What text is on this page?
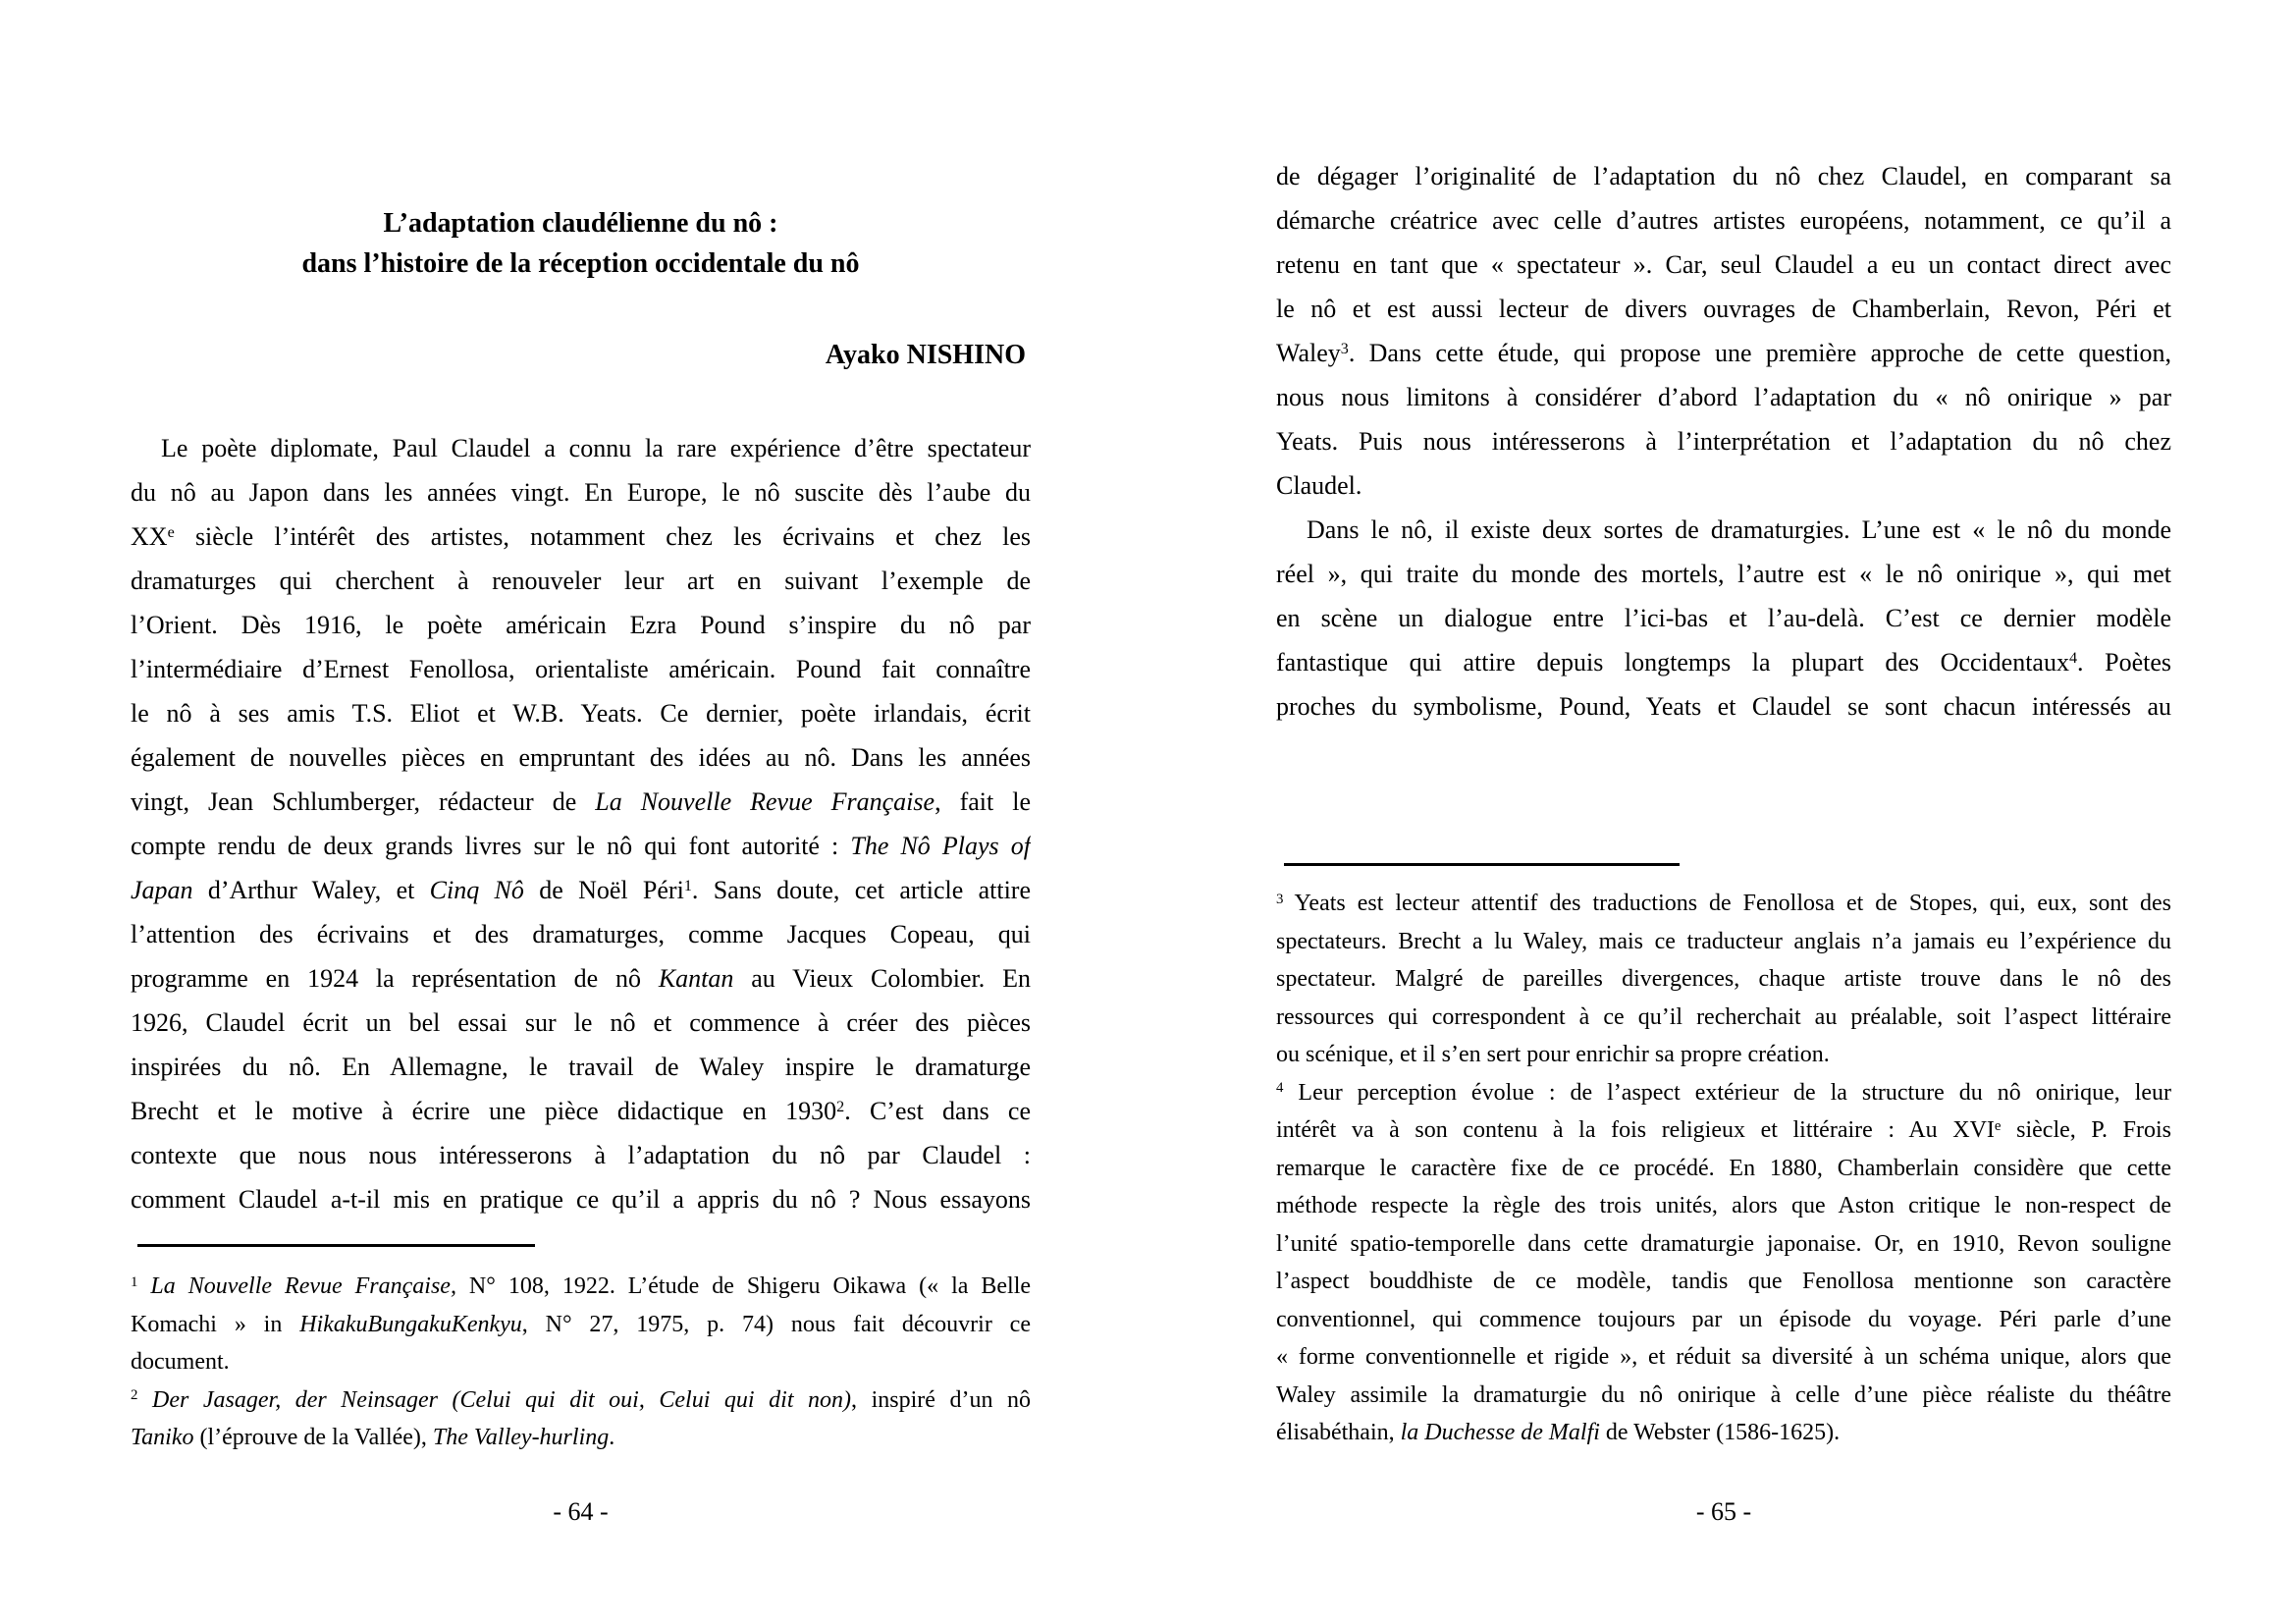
L’adaptation claudélienne du nô :
dans l’histoire de la réception occidentale du nô
Ayako NISHINO
Le poète diplomate, Paul Claudel a connu la rare expérience d’être spectateur
du nô au Japon dans les années vingt. En Europe, le nô suscite dès l’aube du
XXe siècle l’intérêt des artistes, notamment chez les écrivains et chez les
dramaturges qui cherchent à renouveler leur art en suivant l’exemple de
l’Orient. Dès 1916, le poète américain Ezra Pound s’inspire du nô par
l’intermédiaire d’Ernest Fenollosa, orientaliste américain. Pound fait connaître
le nô à ses amis T.S. Eliot et W.B. Yeats. Ce dernier, poète irlandais, écrit
également de nouvelles pièces en empruntant des idées au nô. Dans les années
vingt, Jean Schlumberger, rédacteur de La Nouvelle Revue Française, fait le
compte rendu de deux grands livres sur le nô qui font autorité : The Nô Plays of
Japan d’Arthur Waley, et Cinq Nô de Noël Péri$^1$. Sans doute, cet article attire
l’attention des écrivains et des dramaturges, comme Jacques Copeau, qui
programme en 1924 la représentation de nô Kantan au Vieux Colombier. En
1926, Claudel écrit un bel essai sur le nô et commence à créer des pièces
inspirées du nô. En Allemagne, le travail de Waley inspire le dramaturge
Brecht et le motive à écrire une pièce didactique en 1930$^2$. C’est dans ce
contexte que nous nous intéresserons à l’adaptation du nô par Claudel :
comment Claudel a-t-il mis en pratique ce qu’il a appris du nô ? Nous essayons
$^1$ La Nouvelle Revue Française, N° 108, 1922. L’étude de Shigeru Oikawa (« la Belle
Komachi » in HikakuBungakuKenkyu, N° 27, 1975, p. 74) nous fait découvrir ce
document.
$^2$ Der Jasager, der Neinsager (Celui qui dit oui, Celui qui dit non), inspiré d’un nô
Taniko (l’éprouve de la Vallée), The Valley-hurling.
- 64 -
de dégager l’originalité de l’adaptation du nô chez Claudel, en comparant sa
démarche créatrice avec celle d’autres artistes européens, notamment, ce qu’il a
retenu en tant que « spectateur ». Car, seul Claudel a eu un contact direct avec
le nô et est aussi lecteur de divers ouvrages de Chamberlain, Revon, Péri et
Waley$^3$. Dans cette étude, qui propose une première approche de cette question,
nous nous limitons à considérer d’abord l’adaptation du « nô onirique » par
Yeats. Puis nous intéresserons à l’interprétation et l’adaptation du nô chez
Claudel.
Dans le nô, il existe deux sortes de dramaturgies. L’une est « le nô du monde
réel », qui traite du monde des mortels, l’autre est « le nô onirique », qui met
en scène un dialogue entre l’ici-bas et l’au-delà. C’est ce dernier modèle
fantastique qui attire depuis longtemps la plupart des Occidentaux$^4$. Poètes
proches du symbolisme, Pound, Yeats et Claudel se sont chacun intéressés au
$^3$ Yeats est lecteur attentif des traductions de Fenollosa et de Stopes, qui, eux, sont des
spectateurs. Brecht a lu Waley, mais ce traducteur anglais n’a jamais eu l’expérience du
spectateur. Malgré de pareilles divergences, chaque artiste trouve dans le nô des
ressources qui correspondent à ce qu’il recherchait au préalable, soit l’aspect littéraire
ou scénique, et il s’en sert pour enrichir sa propre création.
$^4$ Leur perception évolue : de l’aspect extérieur de la structure du nô onirique, leur
intérêt va à son contenu à la fois religieux et littéraire : Au XVIe siècle, P. Frois
remarque le caractère fixe de ce procédé. En 1880, Chamberlain considère que cette
méthode respecte la règle des trois unités, alors que Aston critique le non-respect de
l’unité spatio-temporelle dans cette dramaturgie japonaise. Or, en 1910, Revon souligne
l’aspect bouddhiste de ce modèle, tandis que Fenollosa mentionne son caractère
conventionnel, qui commence toujours par un épisode du voyage. Péri parle d’une
« forme conventionnelle et rigide », et réduit sa diversité à un schéma unique, alors que
Waley assimile la dramaturgie du nô onirique à celle d’une pièce réaliste du théâtre
élisabéthain, la Duchesse de Malfi de Webster (1586-1625).
- 65 -
